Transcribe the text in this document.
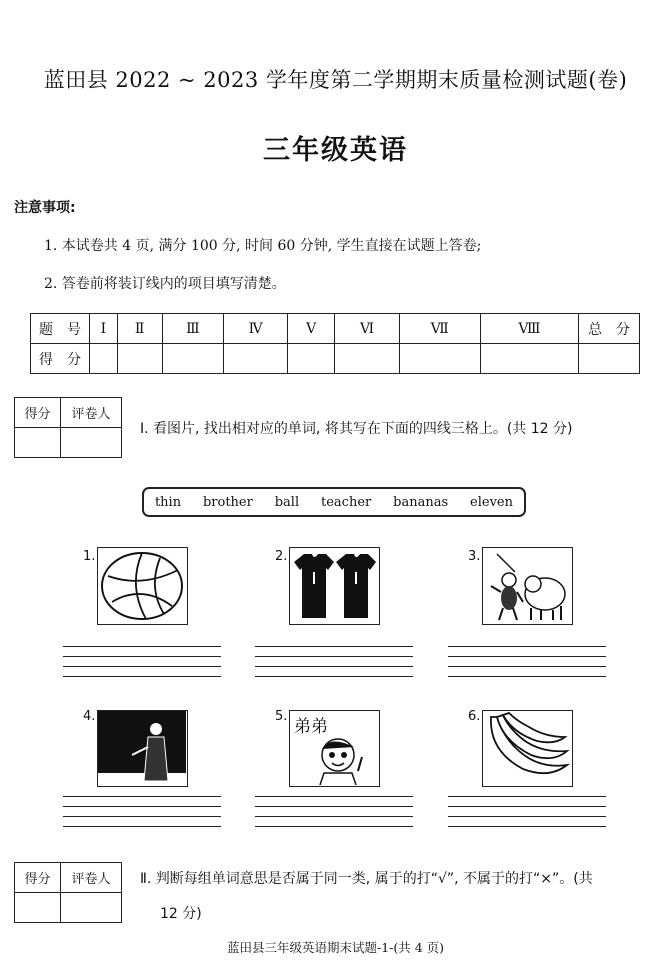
蓝田县 2022 ~ 2023 学年度第二学期期末质量检测试题(卷)
三年级英语
注意事项:
1. 本试卷共 4 页, 满分 100 分, 时间 60 分钟, 学生直接在试题上答卷;
2. 答卷前将装订线内的项目填写清楚。
题　号	Ⅰ	Ⅱ	Ⅲ	Ⅳ	Ⅴ	Ⅵ	Ⅶ	Ⅷ	总　分
得　分									
得分	评卷人

Ⅰ. 看图片, 找出相对应的单词, 将其写在下面的四线三格上。(共 12 分)
thin brother ball teacher bananas eleven
1.	2.	3.
4.	5.
弟弟
6.
得分	评卷人
	Ⅱ. 判断每组单词意思是否属于同一类, 属于的打“√”, 不属于的打“×”。(共
12 分)
蓝田县三年级英语期末试题-1-(共 4 页)
